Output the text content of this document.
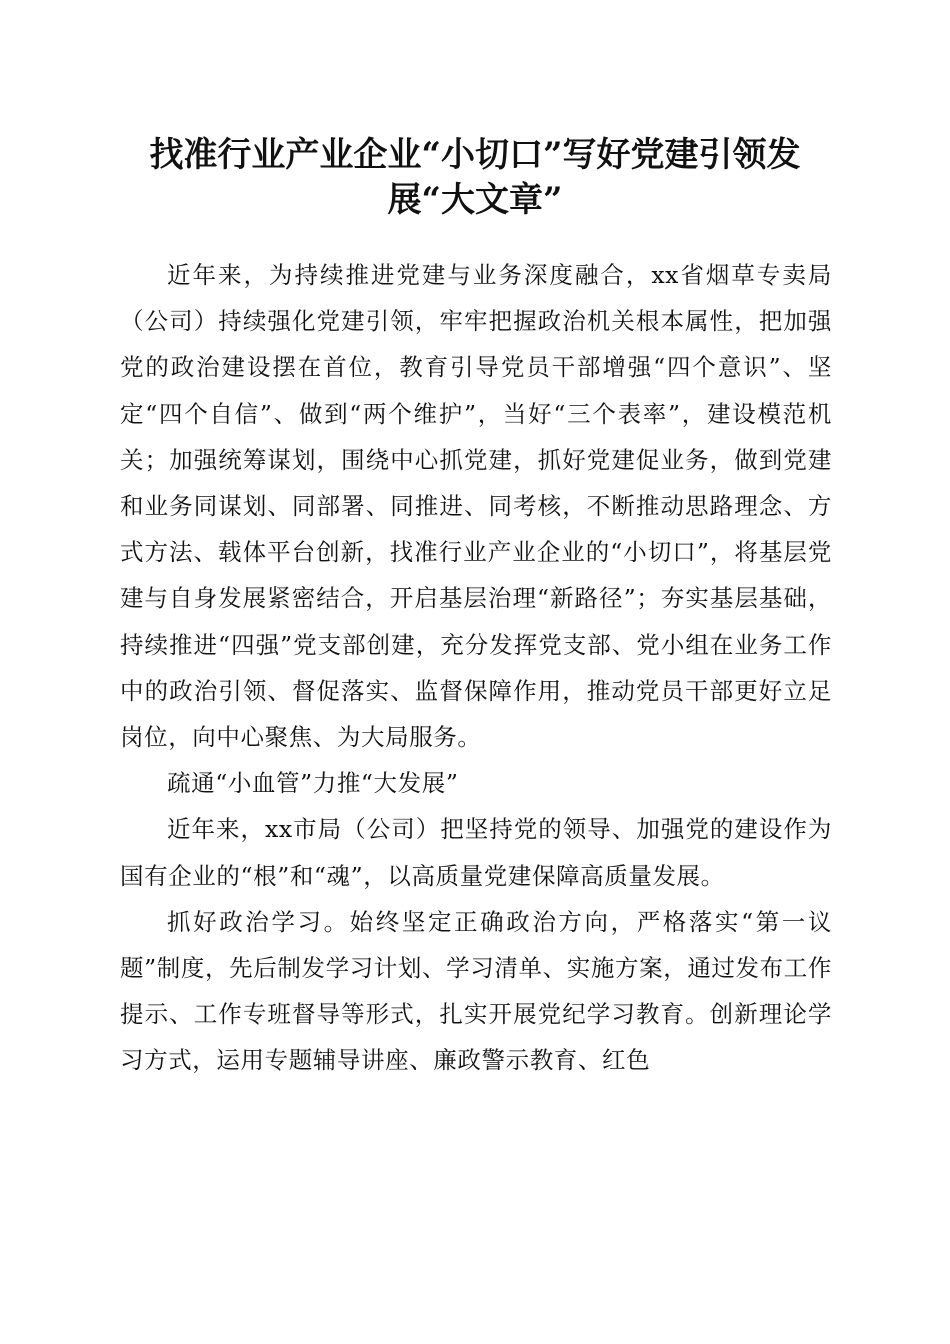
找准行业产业企业“小切口”写好党建引领发展“大文章”

近年来，为持续推进党建与业务深度融合，xx省烟草专卖局（公司）持续强化党建引领，牢牢把握政治机关根本属性，把加强党的政治建设摆在首位，教育引导党员干部增强“四个意识”、坚定“四个自信”、做到“两个维护”，当好“三个表率”，建设模范机关；加强统筹谋划，围绕中心抓党建，抓好党建促业务，做到党建和业务同谋划、同部署、同推进、同考核，不断推动思路理念、方式方法、载体平台创新，找准行业产业企业的“小切口”，将基层党建与自身发展紧密结合，开启基层治理“新路径”；夯实基层基础，持续推进“四强”党支部创建，充分发挥党支部、党小组在业务工作中的政治引领、督促落实、监督保障作用，推动党员干部更好立足岗位，向中心聚焦、为大局服务。

疏通“小血管”力推“大发展”

近年来，xx市局（公司）把坚持党的领导、加强党的建设作为国有企业的“根”和“魂”，以高质量党建保障高质量发展。

抓好政治学习。始终坚定正确政治方向，严格落实“第一议题”制度，先后制发学习计划、学习清单、实施方案，通过发布工作提示、工作专班督导等形式，扎实开展党纪学习教育。创新理论学习方式，运用专题辅导讲座、廉政警示教育、红色
